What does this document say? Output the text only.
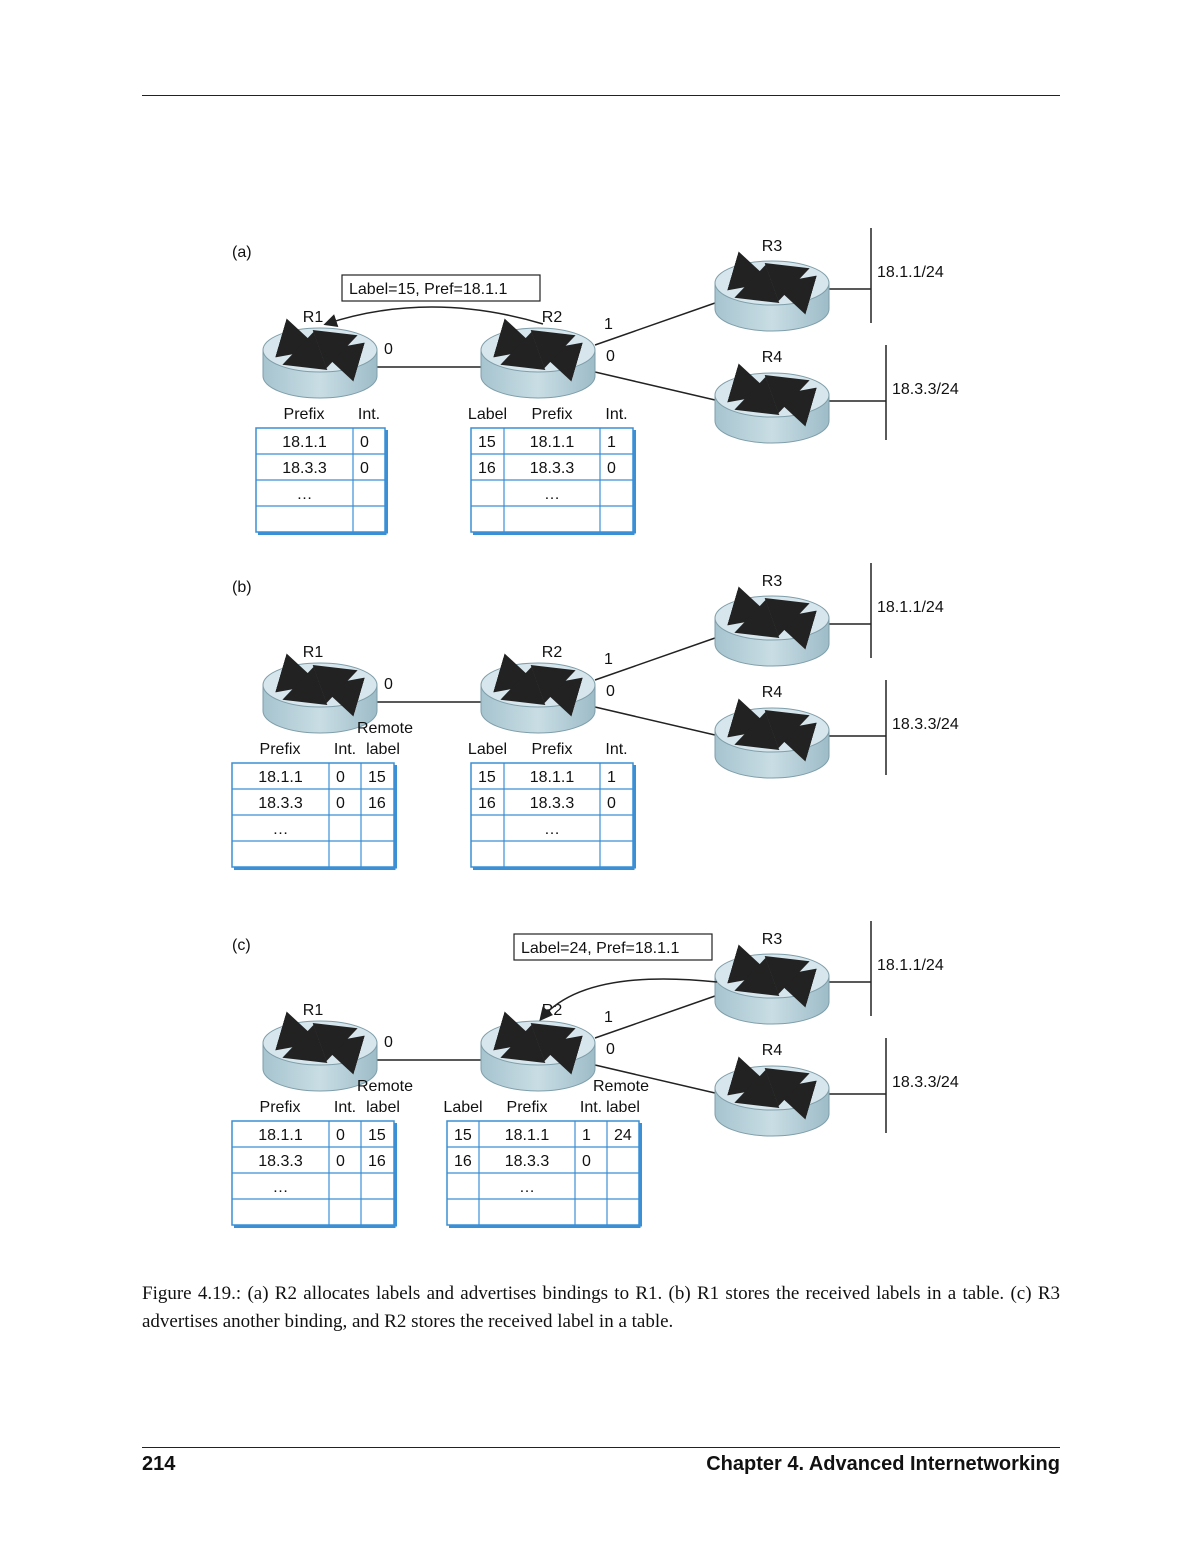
(a)
R1	R2
R3
R4
0
1
0
18.1.1/24
18.3.3/24
Label=15, Pref=18.1.1
18.1.1 0
18.3.3 0
…
Prefix Int.
15 18.1.1 1
16 18.3.3 0
…
Label Prefix Int.
(b)
R1	R2
R3
R4
0
1
0
18.1.1/24
18.3.3/24
18.1.1 0 15
18.3.3 0 16
…
Prefix Int. label
Remote
15 18.1.1 1
16 18.3.3 0
…
Label Prefix Int.
(c)
R1	R2
R3
R4
0
1
0
18.1.1/24
18.3.3/24
Label=24, Pref=18.1.1
18.1.1 0 15
18.3.3 0 16
…
Prefix Int. label
Remote
15 18.1.1 1 24
16 18.3.3 0
…
Label Prefix Int. label
Remote
Figure 4.19.: (a) R2 allocates labels and advertises bindings to R1. (b) R1 stores the received labels in a table. (c) R3 advertises another binding, and R2 stores the received label in a table.
214	Chapter 4. Advanced Internetworking
